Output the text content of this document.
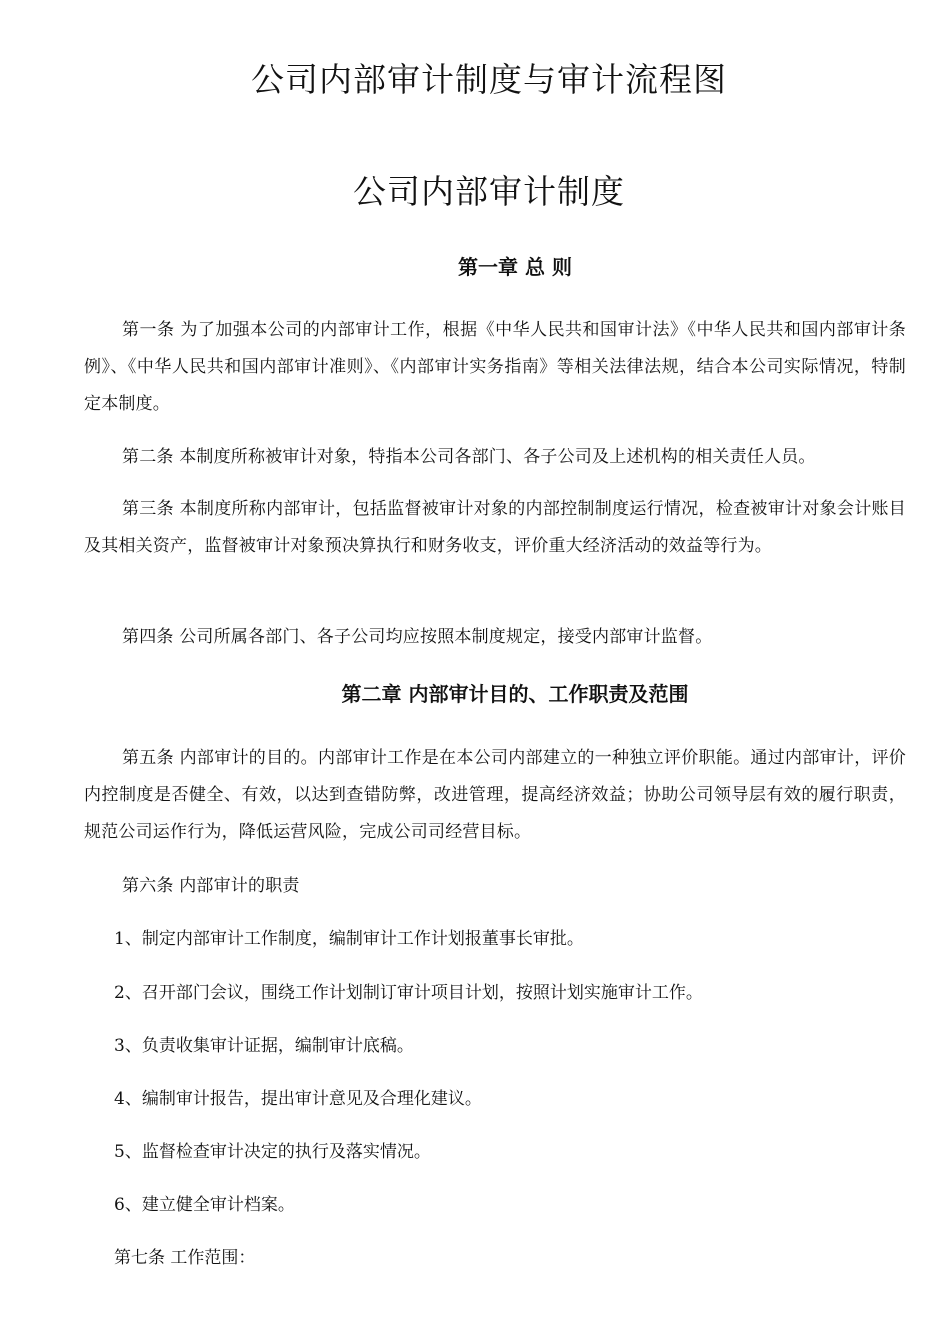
公司内部审计制度与审计流程图
公司内部审计制度
第一章 总 则

第一条 为了加强本公司的内部审计工作，根据《中华人民共和国审计法》《中华人民共和国内部审计条例》、《中华人民共和国内部审计准则》、《内部审计实务指南》等相关法律法规，结合本公司实际情况，特制定本制度。

第二条 本制度所称被审计对象，特指本公司各部门、各子公司及上述机构的相关责任人员。

第三条 本制度所称内部审计，包括监督被审计对象的内部控制制度运行情况，检查被审计对象会计账目及其相关资产，监督被审计对象预决算执行和财务收支，评价重大经济活动的效益等行为。

第四条 公司所属各部门、各子公司均应按照本制度规定，接受内部审计监督。

第二章 内部审计目的、工作职责及范围

第五条 内部审计的目的。内部审计工作是在本公司内部建立的一种独立评价职能。通过内部审计，评价内控制度是否健全、有效，以达到查错防弊，改进管理，提高经济效益；协助公司领导层有效的履行职责，规范公司运作行为，降低运营风险，完成公司司经营目标。

第六条 内部审计的职责

1、制定内部审计工作制度，编制审计工作计划报董事长审批。

2、召开部门会议，围绕工作计划制订审计项目计划，按照计划实施审计工作。

3、负责收集审计证据，编制审计底稿。

4、编制审计报告，提出审计意见及合理化建议。

5、监督检查审计决定的执行及落实情况。

6、建立健全审计档案。

第七条 工作范围：
